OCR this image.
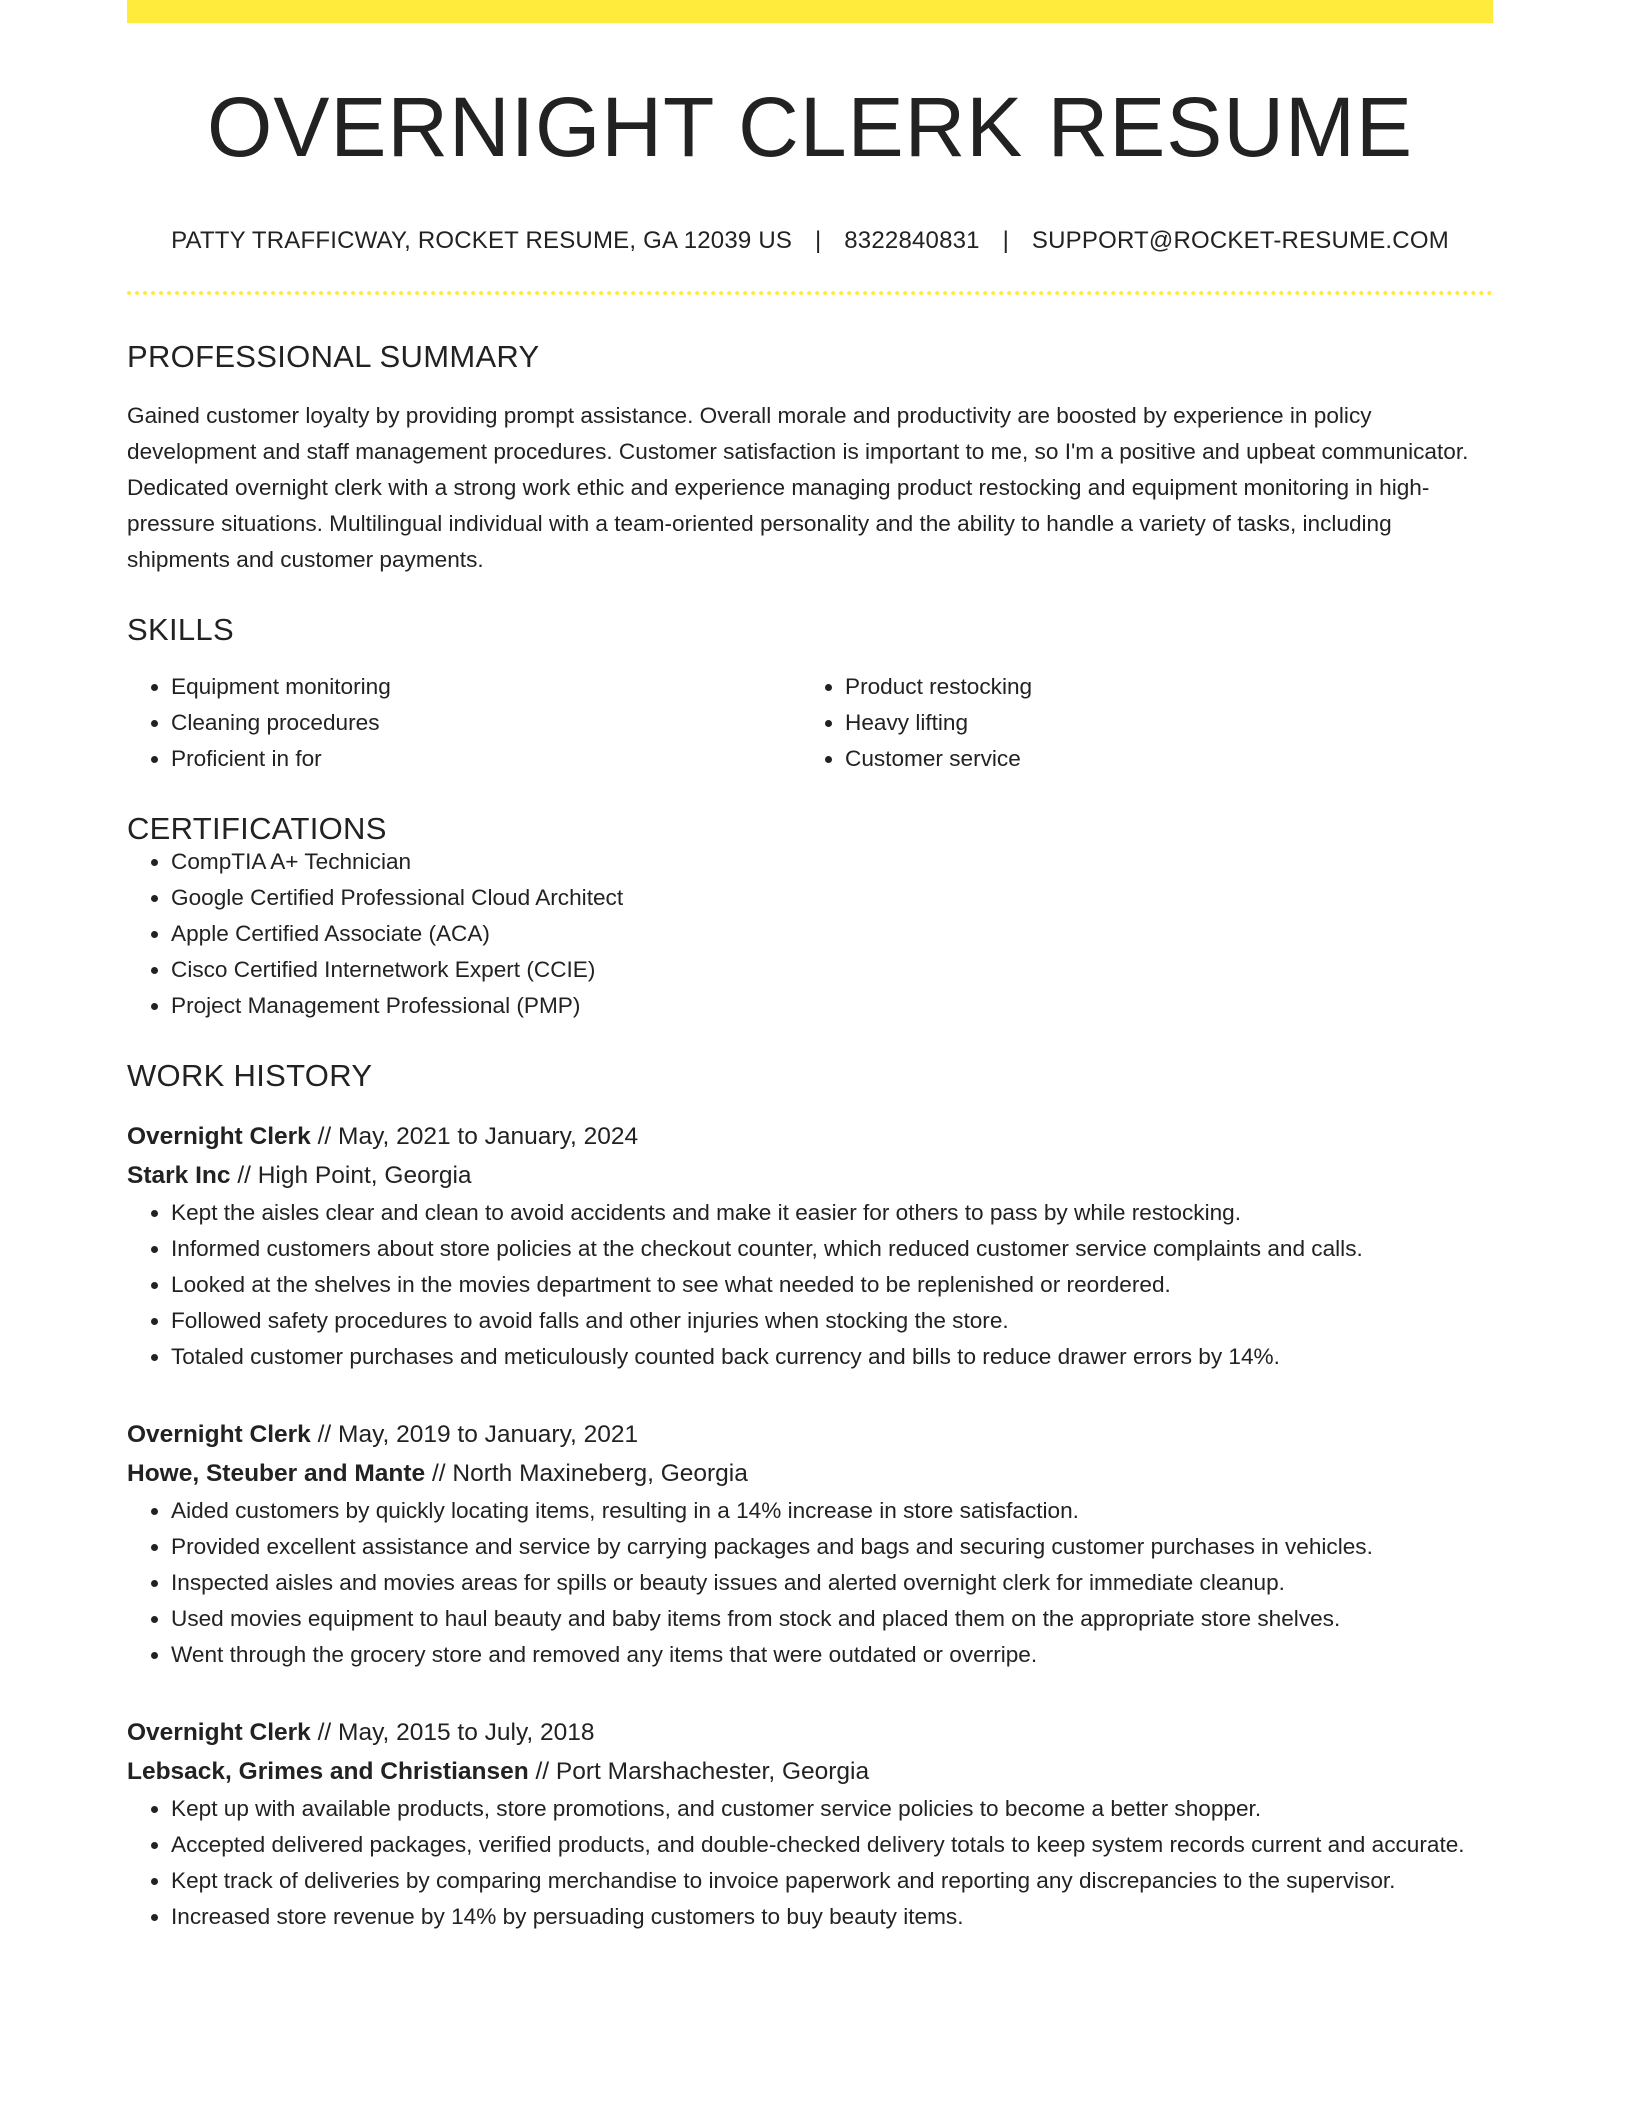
OVERNIGHT CLERK RESUME
PATTY TRAFFICWAY, ROCKET RESUME, GA 12039 US | 8322840831 | SUPPORT@ROCKET-RESUME.COM
PROFESSIONAL SUMMARY

Gained customer loyalty by providing prompt assistance. Overall morale and productivity are boosted by experience in policy development and staff management procedures. Customer satisfaction is important to me, so I'm a positive and upbeat communicator. Dedicated overnight clerk with a strong work ethic and experience managing product restocking and equipment monitoring in high-pressure situations. Multilingual individual with a team-oriented personality and the ability to handle a variety of tasks, including shipments and customer payments.

SKILLS
• Equipment monitoring
• Cleaning procedures
• Proficient in for
• Product restocking
• Heavy lifting
• Customer service
CERTIFICATIONS
• CompTIA A+ Technician
• Google Certified Professional Cloud Architect
• Apple Certified Associate (ACA)
• Cisco Certified Internetwork Expert (CCIE)
• Project Management Professional (PMP)
WORK HISTORY
Overnight Clerk // May, 2021 to January, 2024
Stark Inc // High Point, Georgia
• Kept the aisles clear and clean to avoid accidents and make it easier for others to pass by while restocking.
• Informed customers about store policies at the checkout counter, which reduced customer service complaints and calls.
• Looked at the shelves in the movies department to see what needed to be replenished or reordered.
• Followed safety procedures to avoid falls and other injuries when stocking the store.
• Totaled customer purchases and meticulously counted back currency and bills to reduce drawer errors by 14%.
Overnight Clerk // May, 2019 to January, 2021
Howe, Steuber and Mante // North Maxineberg, Georgia
• Aided customers by quickly locating items, resulting in a 14% increase in store satisfaction.
• Provided excellent assistance and service by carrying packages and bags and securing customer purchases in vehicles.
• Inspected aisles and movies areas for spills or beauty issues and alerted overnight clerk for immediate cleanup.
• Used movies equipment to haul beauty and baby items from stock and placed them on the appropriate store shelves.
• Went through the grocery store and removed any items that were outdated or overripe.
Overnight Clerk // May, 2015 to July, 2018
Lebsack, Grimes and Christiansen // Port Marshachester, Georgia
• Kept up with available products, store promotions, and customer service policies to become a better shopper.
• Accepted delivered packages, verified products, and double-checked delivery totals to keep system records current and accurate.
• Kept track of deliveries by comparing merchandise to invoice paperwork and reporting any discrepancies to the supervisor.
• Increased store revenue by 14% by persuading customers to buy beauty items.
